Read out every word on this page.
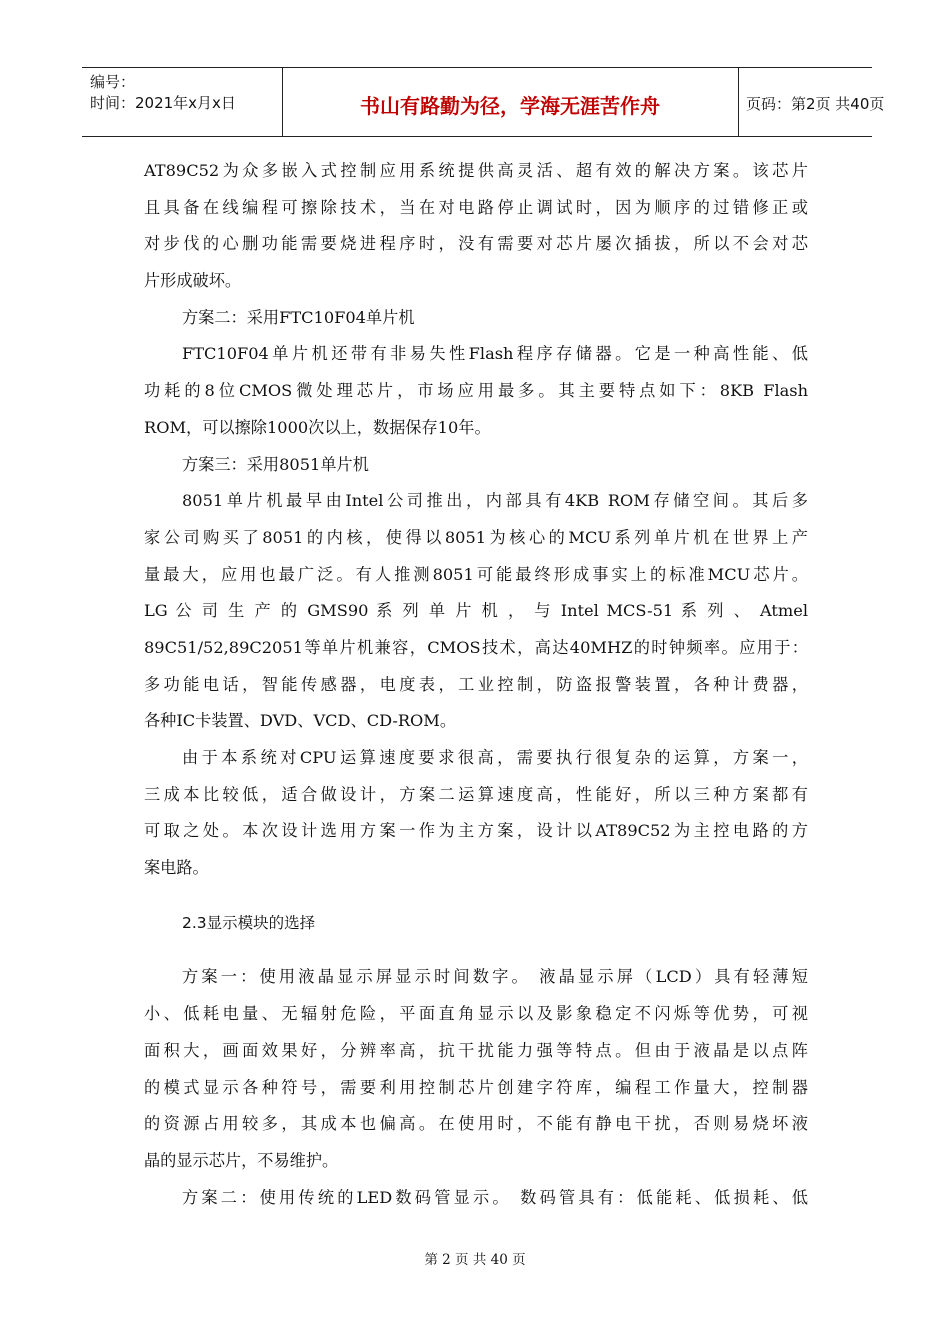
编号：
时间：2021年x月x日	书山有路勤为径，学海无涯苦作舟	页码：第2页 共40页
AT89C52为众多嵌入式控制应用系统提供高灵活、超有效的解决方案。该芯片
且具备在线编程可擦除技术，当在对电路停止调试时，因为顺序的过错修正或
对步伐的心删功能需要烧进程序时，没有需要对芯片屡次插拔，所以不会对芯
片形成破坏。
方案二：采用FTC10F04单片机
FTC10F04单片机还带有非易失性Flash程序存储器。它是一种高性能、低
功耗的8位CMOS微处理芯片，市场应用最多。其主要特点如下：8KB Flash
ROM，可以擦除1000次以上，数据保存10年。
方案三：采用8051单片机
8051单片机最早由Intel公司推出，内部具有4KB ROM存储空间。其后多
家公司购买了8051的内核，使得以8051为核心的MCU系列单片机在世界上产
量最大，应用也最广泛。有人推测8051可能最终形成事实上的标准MCU芯片。
LG 公 司 生 产 的 GMS90 系 列 单 片 机 ， 与 Intel MCS-51 系 列 、 Atmel
89C51/52,89C2051等单片机兼容，CMOS技术，高达40MHZ的时钟频率。应用于：
多功能电话，智能传感器，电度表，工业控制，防盗报警装置，各种计费器，
各种IC卡装置、DVD、VCD、CD-ROM。
由于本系统对CPU运算速度要求很高，需要执行很复杂的运算，方案一，
三成本比较低，适合做设计，方案二运算速度高，性能好，所以三种方案都有
可取之处。本次设计选用方案一作为主方案，设计以AT89C52为主控电路的方
案电路。
2.3显示模块的选择
方案一：使用液晶显示屏显示时间数字。 液晶显示屏（LCD）具有轻薄短
小、低耗电量、无辐射危险，平面直角显示以及影象稳定不闪烁等优势，可视
面积大，画面效果好，分辨率高，抗干扰能力强等特点。但由于液晶是以点阵
的模式显示各种符号，需要利用控制芯片创建字符库，编程工作量大，控制器
的资源占用较多，其成本也偏高。在使用时，不能有静电干扰，否则易烧坏液
晶的显示芯片，不易维护。
方案二：使用传统的LED数码管显示。 数码管具有：低能耗、低损耗、低
第 2 页 共 40 页
